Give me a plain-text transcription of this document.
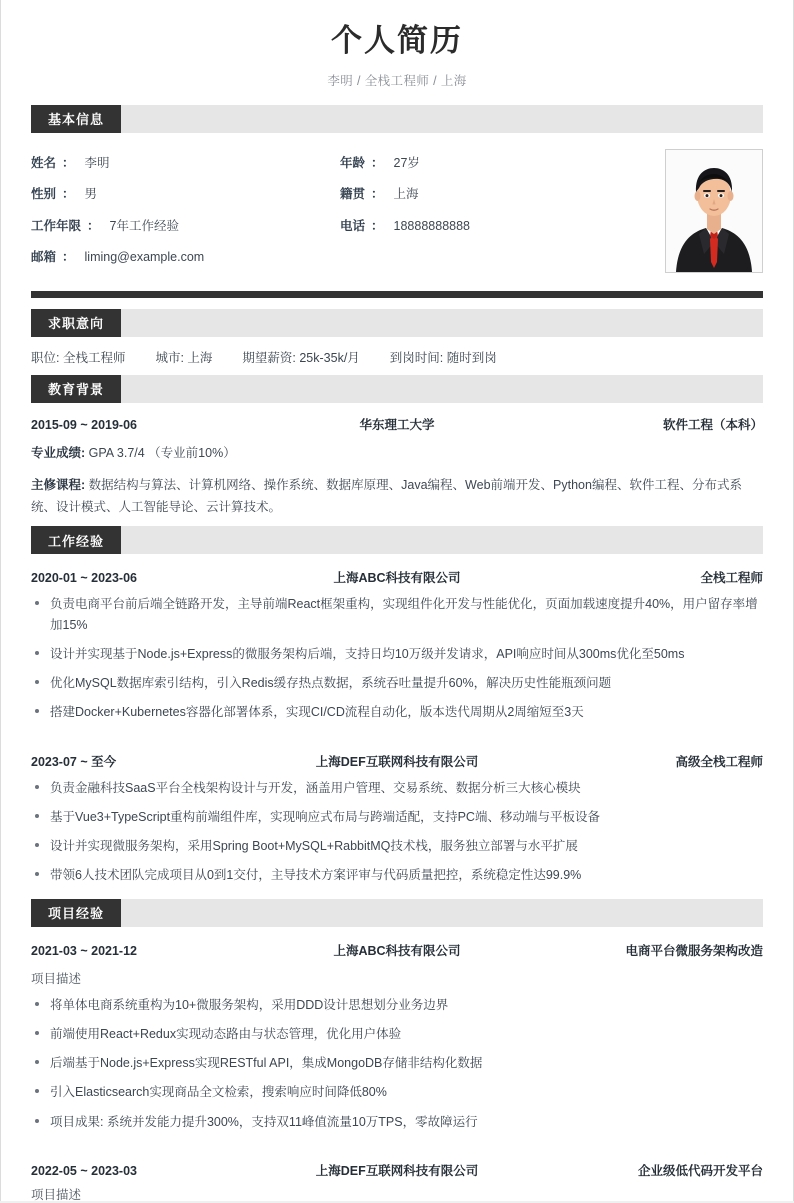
个人简历
李明 / 全栈工程师 / 上海
基本信息
姓名 ： 李明	年龄 ： 27岁
性别 ： 男	籍贯 ： 上海
工作年限 ： 7年工作经验	电话 ： 18888888888
邮箱 ： liming@example.com
求职意向
职位: 全栈工程师 城市: 上海 期望薪资: 25k-35k/月 到岗时间: 随时到岗
教育背景
2015-09 ~ 2019-06	华东理工大学	软件工程（本科）
专业成绩: GPA 3.7/4 （专业前10%）
主修课程: 数据结构与算法、计算机网络、操作系统、数据库原理、Java编程、Web前端开发、Python编程、软件工程、分布式系统、设计模式、人工智能导论、云计算技术。
工作经验
2020-01 ~ 2023-06	上海ABC科技有限公司	全栈工程师
负责电商平台前后端全链路开发，主导前端React框架重构，实现组件化开发与性能优化，页面加载速度提升40%，用户留存率增加15%
设计并实现基于Node.js+Express的微服务架构后端，支持日均10万级并发请求，API响应时间从300ms优化至50ms
优化MySQL数据库索引结构，引入Redis缓存热点数据，系统吞吐量提升60%，解决历史性能瓶颈问题
搭建Docker+Kubernetes容器化部署体系，实现CI/CD流程自动化，版本迭代周期从2周缩短至3天
2023-07 ~ 至今	上海DEF互联网科技有限公司	高级全栈工程师
负责金融科技SaaS平台全栈架构设计与开发，涵盖用户管理、交易系统、数据分析三大核心模块
基于Vue3+TypeScript重构前端组件库，实现响应式布局与跨端适配，支持PC端、移动端与平板设备
设计并实现微服务架构，采用Spring Boot+MySQL+RabbitMQ技术栈，服务独立部署与水平扩展
带领6人技术团队完成项目从0到1交付，主导技术方案评审与代码质量把控，系统稳定性达99.9%
项目经验
2021-03 ~ 2021-12	上海ABC科技有限公司	电商平台微服务架构改造
项目描述
将单体电商系统重构为10+微服务架构，采用DDD设计思想划分业务边界
前端使用React+Redux实现动态路由与状态管理，优化用户体验
后端基于Node.js+Express实现RESTful API，集成MongoDB存储非结构化数据
引入Elasticsearch实现商品全文检索，搜索响应时间降低80%
项目成果: 系统并发能力提升300%，支持双11峰值流量10万TPS，零故障运行
2022-05 ~ 2023-03	上海DEF互联网科技有限公司	企业级低代码开发平台
项目描述
